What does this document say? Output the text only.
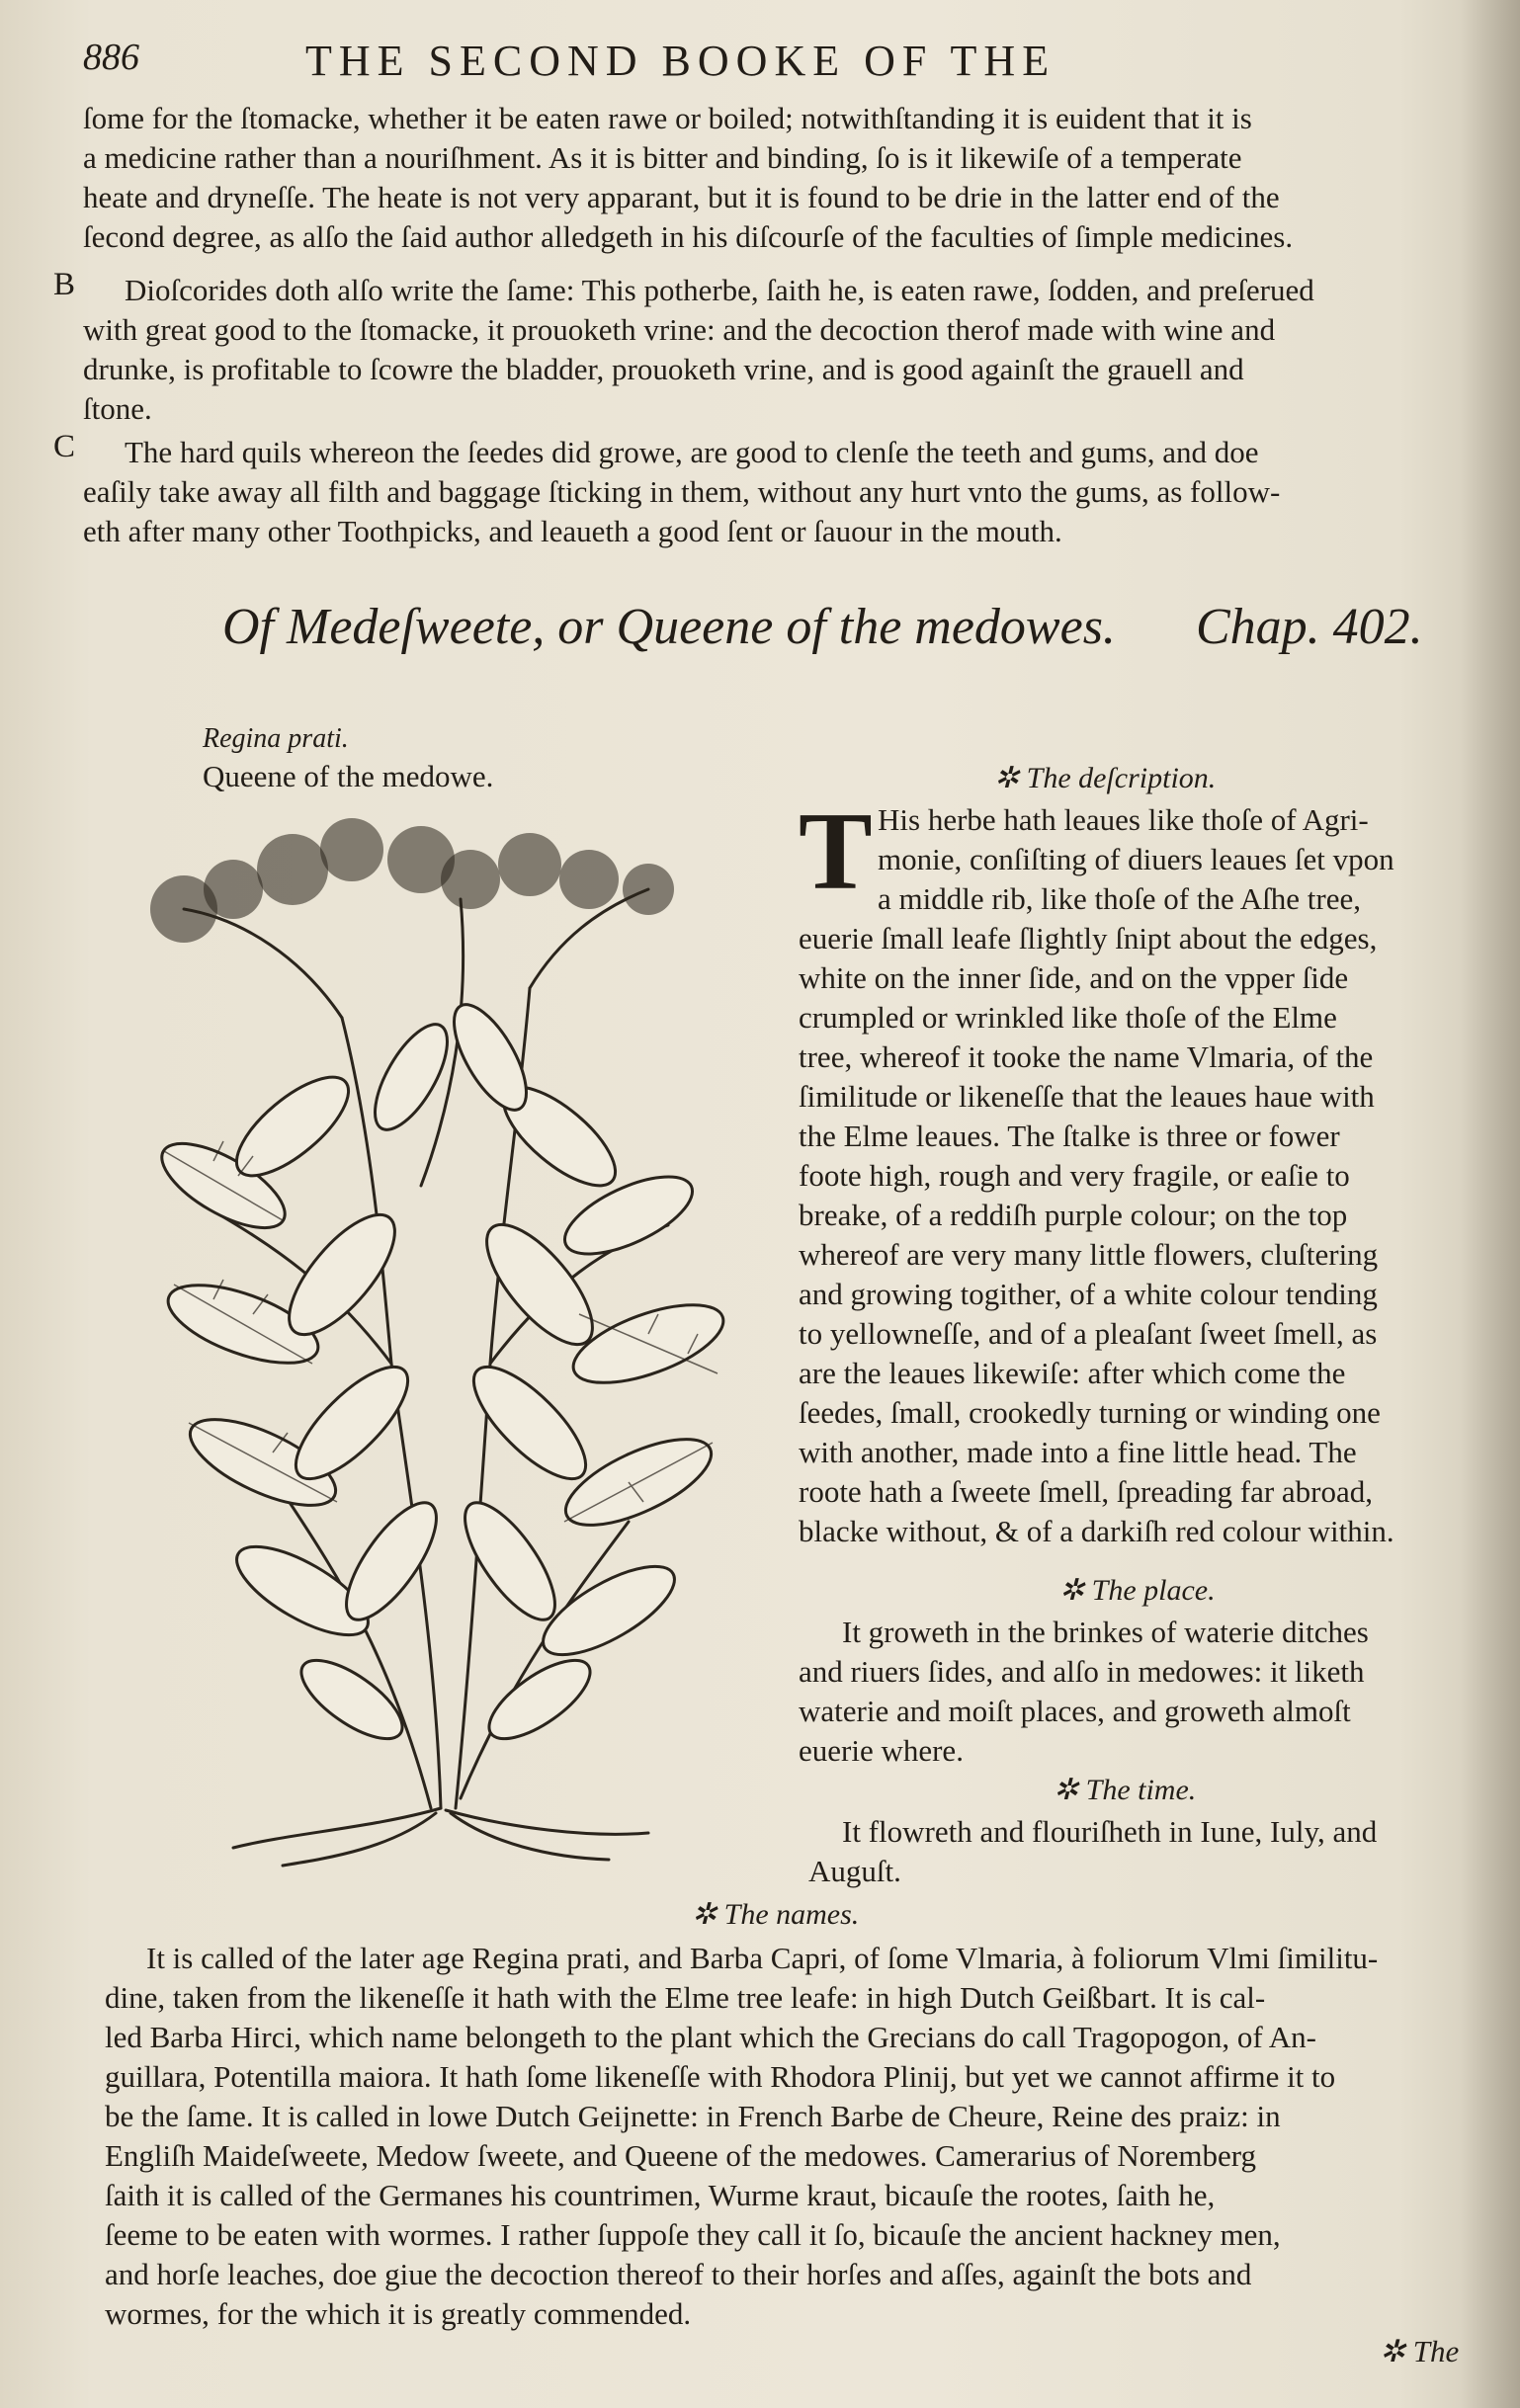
886	THE SECOND BOOKE OF THE
ſome for the ſtomacke, whether it be eaten rawe or boiled; notwithſtanding it is euident that it is
a medicine rather than a nouriſhment. As it is bitter and binding, ſo is it likewiſe of a temperate
heate and dryneſſe. The heate is not very apparant, but it is found to be drie in the latter end of the
ſecond degree, as alſo the ſaid author alledgeth in his diſcourſe of the faculties of ſimple medicines.
B Dioſcorides doth alſo write the ſame: This potherbe, ſaith he, is eaten rawe, ſodden, and preſerued
with great good to the ſtomacke, it prouoketh vrine: and the decoction therof made with wine and
drunke, is profitable to ſcowre the bladder, prouoketh vrine, and is good againſt the grauell and
ſtone.
C The hard quils whereon the ſeedes did growe, are good to clenſe the teeth and gums, and doe
eaſily take away all filth and baggage ſticking in them, without any hurt vnto the gums, as follow-
eth after many other Toothpicks, and leaueth a good ſent or ſauour in the mouth.
Of Medeſweete, or Queene of the medowes. Chap. 402.
Regina prati.
Queene of the medowe.	✲ The deſcription.
T His herbe hath leaues like thoſe of Agri-
monie, conſiſting of diuers leaues ſet vpon
a middle rib, like thoſe of the Aſhe tree,
euerie ſmall leafe ſlightly ſnipt about the edges,
white on the inner ſide, and on the vpper ſide
crumpled or wrinkled like thoſe of the Elme
tree, whereof it tooke the name Vlmaria, of the
ſimilitude or likeneſſe that the leaues haue with
the Elme leaues. The ſtalke is three or fower
foote high, rough and very fragile, or eaſie to
breake, of a reddiſh purple colour; on the top
whereof are very many little flowers, cluſtering
and growing togither, of a white colour tending
to yellowneſſe, and of a pleaſant ſweet ſmell, as
are the leaues likewiſe: after which come the
ſeedes, ſmall, crookedly turning or winding one
with another, made into a fine little head. The
roote hath a ſweete ſmell, ſpreading far abroad,
blacke without, & of a darkiſh red colour within.
✲ The place.
It groweth in the brinkes of waterie ditches
and riuers ſides, and alſo in medowes: it liketh
waterie and moiſt places, and groweth almoſt
euerie where.
✲ The time.
It flowreth and flouriſheth in Iune, Iuly, and
Auguſt.
✲ The names.
It is called of the later age Regina prati, and Barba Capri, of ſome Vlmaria, à foliorum Vlmi ſimilitu-
dine, taken from the likeneſſe it hath with the Elme tree leafe: in high Dutch Geißbart. It is cal-
led Barba Hirci, which name belongeth to the plant which the Grecians do call Tragopogon, of An-
guillara, Potentilla maiora. It hath ſome likeneſſe with Rhodora Plinij, but yet we cannot affirme it to
be the ſame. It is called in lowe Dutch Geijnette: in French Barbe de Cheure, Reine des praiz: in
Engliſh Maideſweete, Medow ſweete, and Queene of the medowes. Camerarius of Noremberg
ſaith it is called of the Germanes his countrimen, Wurme kraut, bicauſe the rootes, ſaith he,
ſeeme to be eaten with wormes. I rather ſuppoſe they call it ſo, bicauſe the ancient hackney men,
and horſe leaches, doe giue the decoction thereof to their horſes and aſſes, againſt the bots and
wormes, for the which it is greatly commended.
✲ The
